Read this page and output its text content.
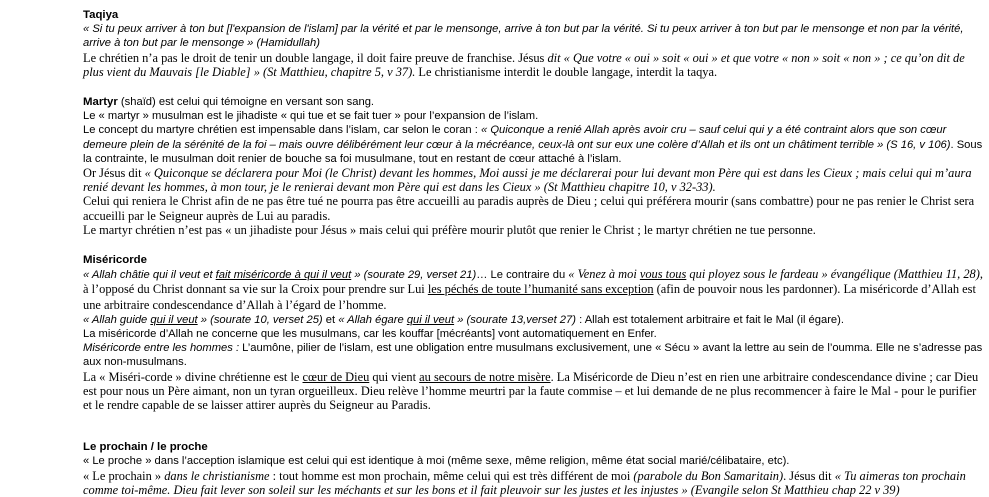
Taqiya

« Si tu peux arriver à ton but [l'expansion de l'islam] par la vérité et par le mensonge, arrive à ton but par la vérité. Si tu peux arriver à ton but par le mensonge et non par la vérité, arrive à ton but par le mensonge » (Hamidullah)

Le chrétien n’a pas le droit de tenir un double langage, il doit faire preuve de franchise. Jésus dit « Que votre « oui » soit « oui » et que votre « non » soit « non » ; ce qu’on dit de plus vient du Mauvais [le Diable] » (St Matthieu, chapitre 5, v 37). Le christianisme interdit le double langage, interdit la taqya.

Martyr (shaïd) est celui qui témoigne en versant son sang.

Le « martyr » musulman est le jihadiste « qui tue et se fait tuer » pour l’expansion de l’islam.

Le concept du martyre chrétien est impensable dans l’islam, car selon le coran : « Quiconque a renié Allah après avoir cru – sauf celui qui y a été contraint alors que son cœur demeure plein de la sérénité de la foi – mais ouvre délibérément leur cœur à la mécréance, ceux-là ont sur eux une colère d’Allah et ils ont un châtiment terrible » (S 16, v 106). Sous la contrainte, le musulman doit renier de bouche sa foi musulmane, tout en restant de cœur attaché à l’islam.

Or Jésus dit « Quiconque se déclarera pour Moi (le Christ) devant les hommes, Moi aussi je me déclarerai pour lui devant mon Père qui est dans les Cieux ; mais celui qui m’aura renié devant les hommes, à mon tour, je le renierai devant mon Père qui est dans les Cieux » (St Matthieu chapitre 10, v 32-33).

Celui qui reniera le Christ afin de ne pas être tué ne pourra pas être accueilli au paradis auprès de Dieu ; celui qui préférera mourir (sans combattre) pour ne pas renier le Christ sera accueilli par le Seigneur auprès de Lui au paradis.

Le martyr chrétien n’est pas « un jihadiste pour Jésus » mais celui qui préfère mourir plutôt que renier le Christ ; le martyr chrétien ne tue personne.

Miséricorde

« Allah châtie qui il veut et fait miséricorde à qui il veut » (sourate 29, verset 21)… Le contraire du « Venez à moi vous tous qui ployez sous le fardeau » évangélique (Matthieu 11, 28), à l’opposé du Christ donnant sa vie sur la Croix pour prendre sur Lui les péchés de toute l’humanité sans exception (afin de pouvoir nous les pardonner). La miséricorde d’Allah est une arbitraire condescendance d’Allah à l’égard de l’homme.

« Allah guide qui il veut » (sourate 10, verset 25) et « Allah égare qui il veut » (sourate 13,verset 27) : Allah est totalement arbitraire et fait le Mal (il égare).

La miséricorde d’Allah ne concerne que les musulmans, car les kouffar [mécréants] vont automatiquement en Enfer.

Miséricorde entre les hommes : L’aumône, pilier de l’islam, est une obligation entre musulmans exclusivement, une « Sécu » avant la lettre au sein de l’oumma. Elle ne s’adresse pas aux non-musulmans.

La « Miséri-corde » divine chrétienne est le cœur de Dieu qui vient au secours de notre misère. La Miséricorde de Dieu n’est en rien une arbitraire condescendance divine ; car Dieu est pour nous un Père aimant, non un tyran orgueilleux. Dieu relève l’homme meurtri par la faute commise – et lui demande de ne plus recommencer à faire le Mal - pour le purifier et le rendre capable de se laisser attirer auprès du Seigneur au Paradis.

Le prochain / le proche

« Le proche » dans l’acception islamique est celui qui est identique à moi (même sexe, même religion, même état social marié/célibataire, etc).

« Le prochain » dans le christianisme : tout homme est mon prochain, même celui qui est très différent de moi (parabole du Bon Samaritain). Jésus dit « Tu aimeras ton prochain comme toi-même. Dieu fait lever son soleil sur les méchants et sur les bons et il fait pleuvoir sur les justes et les injustes » (Evangile selon St Matthieu chap 22 v 39)
